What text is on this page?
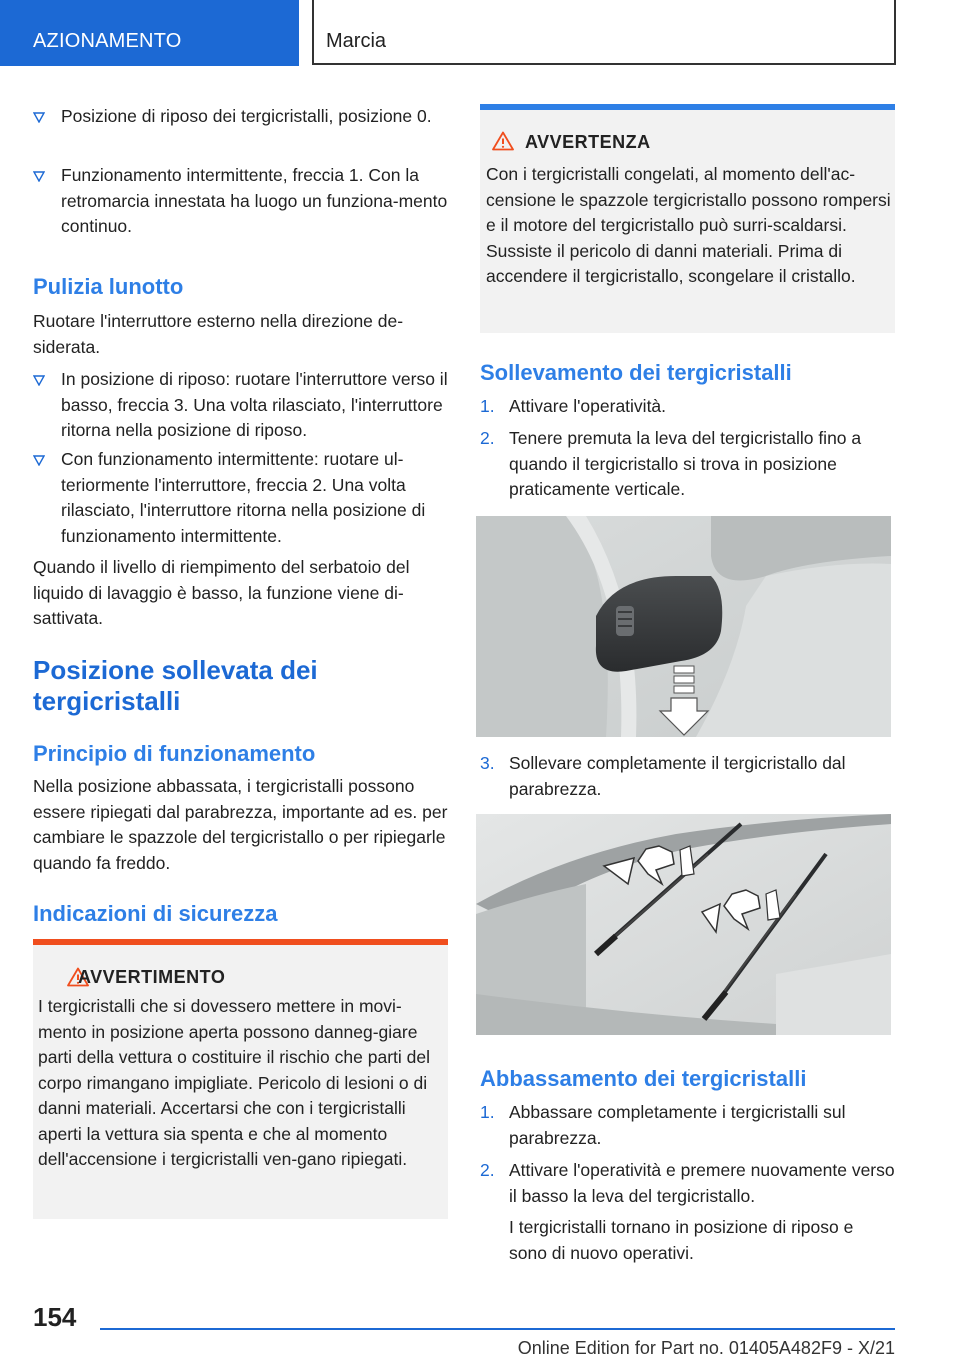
AZIONAMENTO	Marcia
Posizione di riposo dei tergicristalli, posizione 0.
Funzionamento intermittente, freccia 1. Con la retromarcia innestata ha luogo un funziona‐mento continuo.
Pulizia lunotto
Ruotare l'interruttore esterno nella direzione de‐siderata.
In posizione di riposo: ruotare l'interruttore verso il basso, freccia 3. Una volta rilasciato, l'interruttore ritorna nella posizione di riposo.
Con funzionamento intermittente: ruotare ul‐teriormente l'interruttore, freccia 2. Una volta rilasciato, l'interruttore ritorna nella posizione di funzionamento intermittente.
Quando il livello di riempimento del serbatoio del liquido di lavaggio è basso, la funzione viene di‐sattivata.
Posizione sollevata dei tergicristalli
Principio di funzionamento
Nella posizione abbassata, i tergicristalli possono essere ripiegati dal parabrezza, importante ad es. per cambiare le spazzole del tergicristallo o per ripiegarle quando fa freddo.
Indicazioni di sicurezza
AVVERTIMENTO
I tergicristalli che si dovessero mettere in movi‐mento in posizione aperta possono danneg‐giare parti della vettura o costituire il rischio che parti del corpo rimangano impigliate. Pericolo di lesioni o di danni materiali. Accertarsi che con i tergicristalli aperti la vettura sia spenta e che al momento dell'accensione i tergicristalli ven‐gano ripiegati.
AVVERTENZA
Con i tergicristalli congelati, al momento dell'ac‐censione le spazzole tergicristallo possono rompersi e il motore del tergicristallo può surri‐scaldarsi. Sussiste il pericolo di danni materiali. Prima di accendere il tergicristallo, scongelare il cristallo.
Sollevamento dei tergicristalli
1. Attivare l'operatività.
2. Tenere premuta la leva del tergicristallo fino a quando il tergicristallo si trova in posizione praticamente verticale.
3. Sollevare completamente il tergicristallo dal parabrezza.
Abbassamento dei tergicristalli
1. Abbassare completamente i tergicristalli sul parabrezza.
2. Attivare l'operatività e premere nuovamente verso il basso la leva del tergicristallo.
I tergicristalli tornano in posizione di riposo e sono di nuovo operativi.
154
Online Edition for Part no. 01405A482F9 - X/21
